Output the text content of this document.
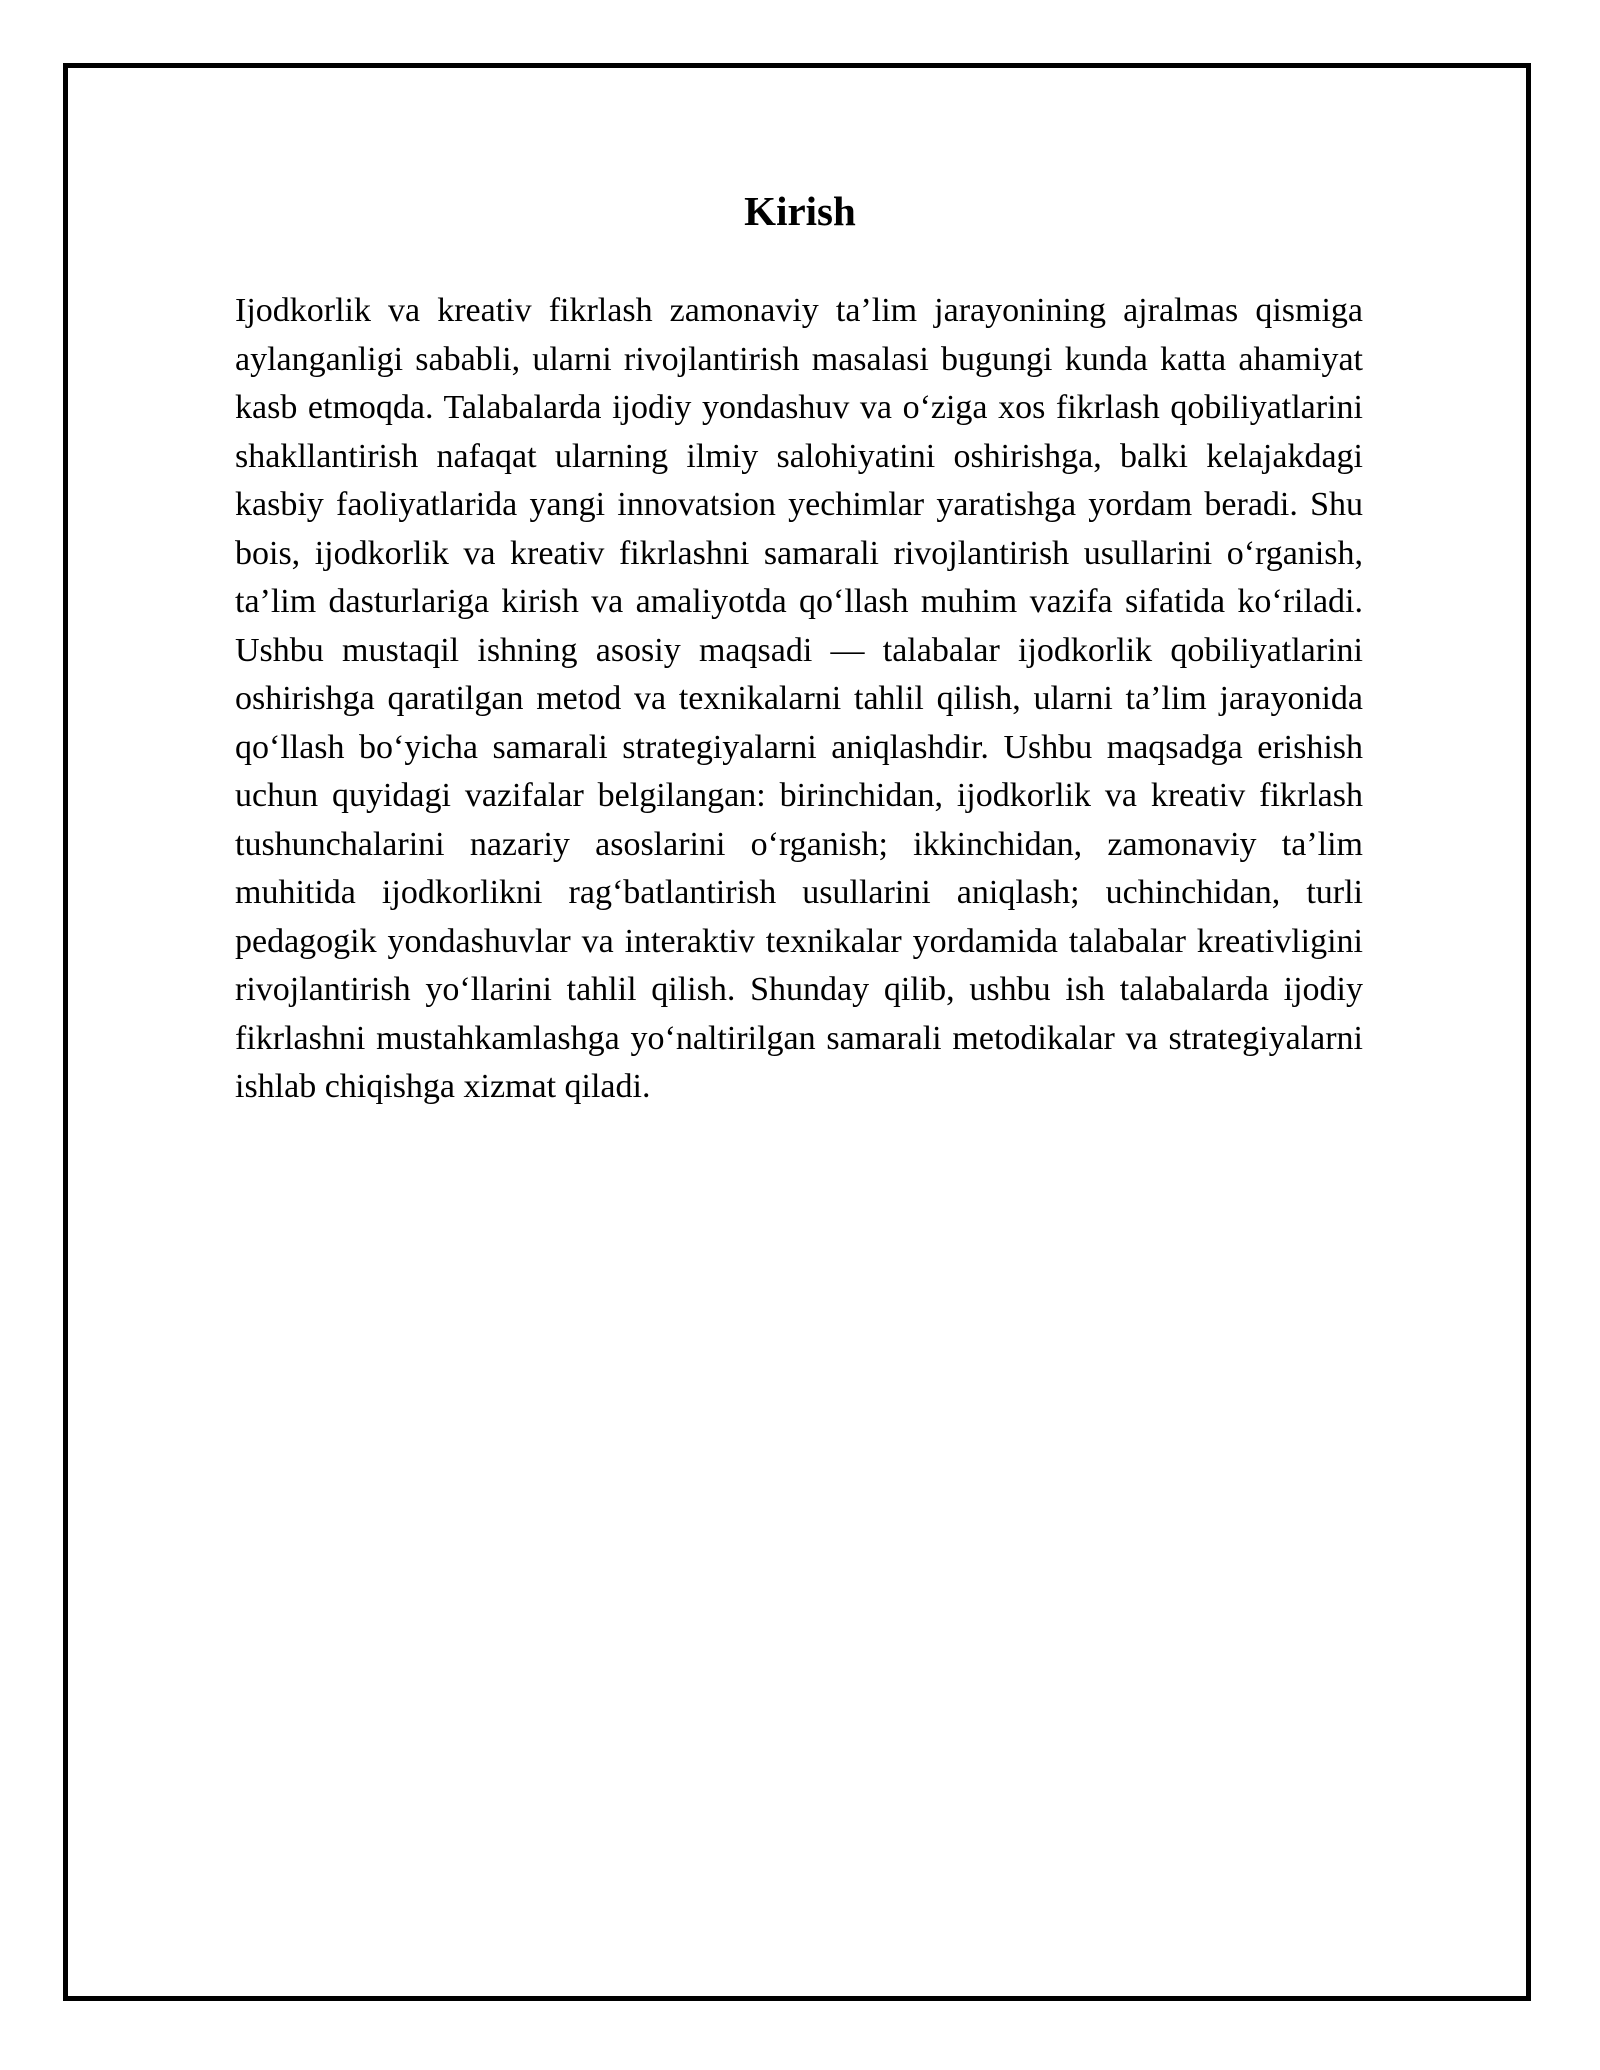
Kirish

Ijodkorlik va kreativ fikrlash zamonaviy ta’lim jarayonining ajralmas qismiga aylanganligi sababli, ularni rivojlantirish masalasi bugungi kunda katta ahamiyat kasb etmoqda. Talabalarda ijodiy yondashuv va o‘ziga xos fikrlash qobiliyatlarini shakllantirish nafaqat ularning ilmiy salohiyatini oshirishga, balki kelajakdagi kasbiy faoliyatlarida yangi innovatsion yechimlar yaratishga yordam beradi. Shu bois, ijodkorlik va kreativ fikrlashni samarali rivojlantirish usullarini o‘rganish, ta’lim dasturlariga kirish va amaliyotda qo‘llash muhim vazifa sifatida ko‘riladi. Ushbu mustaqil ishning asosiy maqsadi — talabalar ijodkorlik qobiliyatlarini oshirishga qaratilgan metod va texnikalarni tahlil qilish, ularni ta’lim jarayonida qo‘llash bo‘yicha samarali strategiyalarni aniqlashdir. Ushbu maqsadga erishish uchun quyidagi vazifalar belgilangan: birinchidan, ijodkorlik va kreativ fikrlash tushunchalarini nazariy asoslarini o‘rganish; ikkinchidan, zamonaviy ta’lim muhitida ijodkorlikni rag‘batlantirish usullarini aniqlash; uchinchidan, turli pedagogik yondashuvlar va interaktiv texnikalar yordamida talabalar kreativligini rivojlantirish yo‘llarini tahlil qilish. Shunday qilib, ushbu ish talabalarda ijodiy fikrlashni mustahkamlashga yo‘naltirilgan samarali metodikalar va strategiyalarni ishlab chiqishga xizmat qiladi.
